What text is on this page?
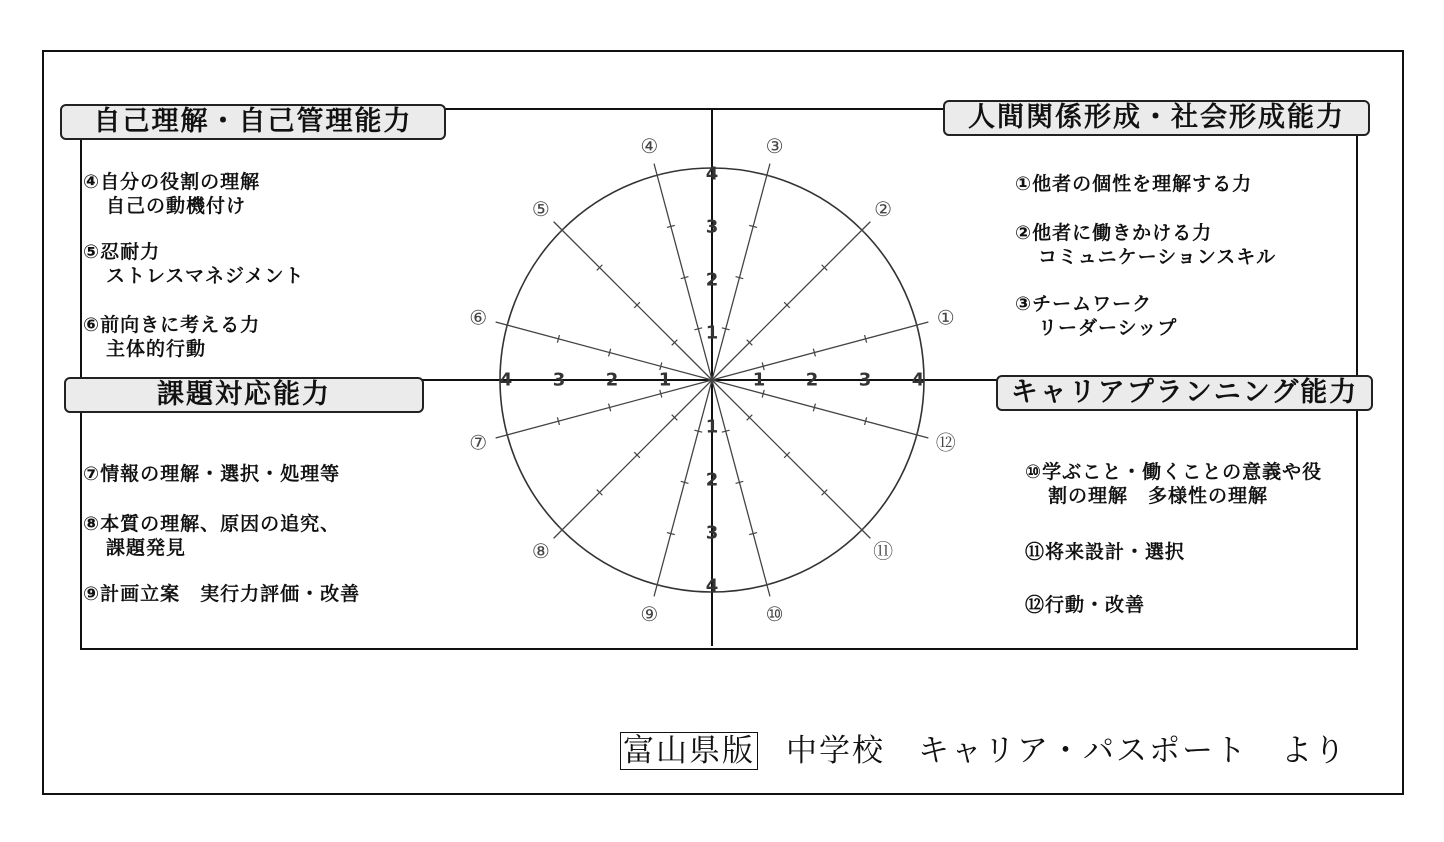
①
②
③
④
⑤
⑥
⑦
⑧
⑨	⑩
⑪
⑫
1
1
1
1
2
2
2
2
3
3
3
3
4
4
4
4
自己理解・自己管理能力	人間関係形成・社会形成能力
課題対応能力	キャリアプランニング能力
④自分の役割の理解
自己の動機付け
⑤忍耐力
ストレスマネジメント
⑥前向きに考える力
主体的行動
①他者の個性を理解する力
②他者に働きかける力
コミュニケーションスキル
③チームワーク
リーダーシップ
⑦情報の理解・選択・処理等
⑧本質の理解、原因の追究、
課題発見
⑨計画立案　実行力評価・改善
⑩学ぶこと・働くことの意義や役
割の理解　多様性の理解
⑪将来設計・選択
⑫行動・改善
富山県版 中学校　キャリア・パスポート　より
